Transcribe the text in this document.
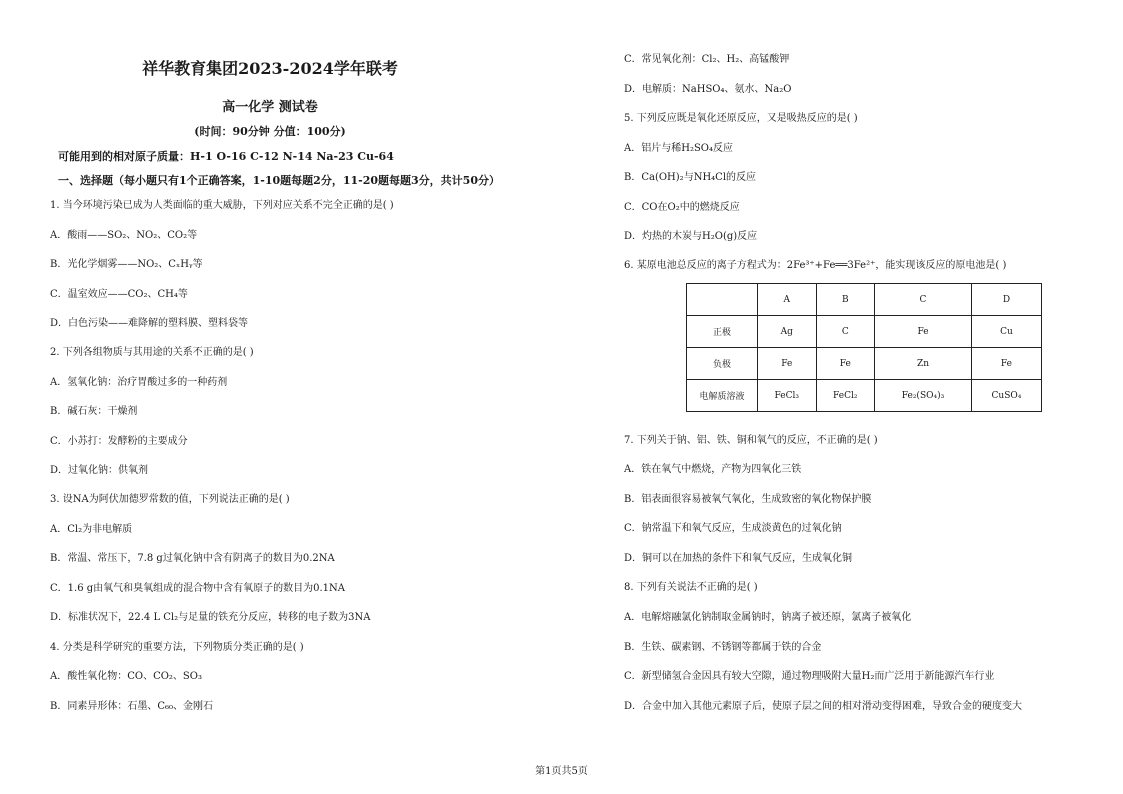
祥华教育集团2023-2024学年联考
高一化学 测试卷
(时间：90分钟 分值：100分)
可能用到的相对原子质量：H-1 O-16 C-12 N-14 Na-23 Cu-64
一、选择题（每小题只有1个正确答案，1-10题每题2分，11-20题每题3分，共计50分）
1. 当今环境污染已成为人类面临的重大威胁，下列对应关系不完全正确的是( )
A．酸雨——SO₂、NO₂、CO₂等
B．光化学烟雾——NO₂、CₓHᵧ等
C．温室效应——CO₂、CH₄等
D．白色污染——难降解的塑料膜、塑料袋等
2. 下列各组物质与其用途的关系不正确的是( )
A．氢氧化钠：治疗胃酸过多的一种药剂
B．碱石灰：干燥剂
C．小苏打：发酵粉的主要成分
D．过氧化钠：供氧剂
3. 设NA为阿伏加德罗常数的值，下列说法正确的是( )
A．Cl₂为非电解质
B．常温、常压下，7.8 g过氧化钠中含有阴离子的数目为0.2NA
C．1.6 g由氧气和臭氧组成的混合物中含有氧原子的数目为0.1NA
D．标准状况下，22.4 L Cl₂与足量的铁充分反应，转移的电子数为3NA
4. 分类是科学研究的重要方法，下列物质分类正确的是( )
A．酸性氧化物：CO、CO₂、SO₃
B．同素异形体：石墨、C₆₀、金刚石
C．常见氧化剂：Cl₂、H₂、高锰酸钾
D．电解质：NaHSO₄、氨水、Na₂O
5. 下列反应既是氧化还原反应，又是吸热反应的是( )
A．铝片与稀H₂SO₄反应
B．Ca(OH)₂与NH₄Cl的反应
C．CO在O₂中的燃烧反应
D．灼热的木炭与H₂O(g)反应
6. 某原电池总反应的离子方程式为：2Fe³⁺+Fe══3Fe²⁺，能实现该反应的原电池是( )
	A	B	C	D
正极	Ag	C	Fe	Cu
负极	Fe	Fe	Zn	Fe
电解质溶液	FeCl₃	FeCl₂	Fe₂(SO₄)₃	CuSO₄
7. 下列关于钠、铝、铁、铜和氧气的反应，不正确的是( )
A．铁在氧气中燃烧，产物为四氧化三铁
B．铝表面很容易被氧气氧化，生成致密的氧化物保护膜
C．钠常温下和氧气反应，生成淡黄色的过氧化钠
D．铜可以在加热的条件下和氧气反应，生成氧化铜
8. 下列有关说法不正确的是( )
A．电解熔融氯化钠制取金属钠时，钠离子被还原，氯离子被氧化
B．生铁、碳素钢、不锈钢等都属于铁的合金
C．新型储氢合金因具有较大空隙，通过物理吸附大量H₂而广泛用于新能源汽车行业
D．合金中加入其他元素原子后，使原子层之间的相对滑动变得困难，导致合金的硬度变大
第1页共5页
